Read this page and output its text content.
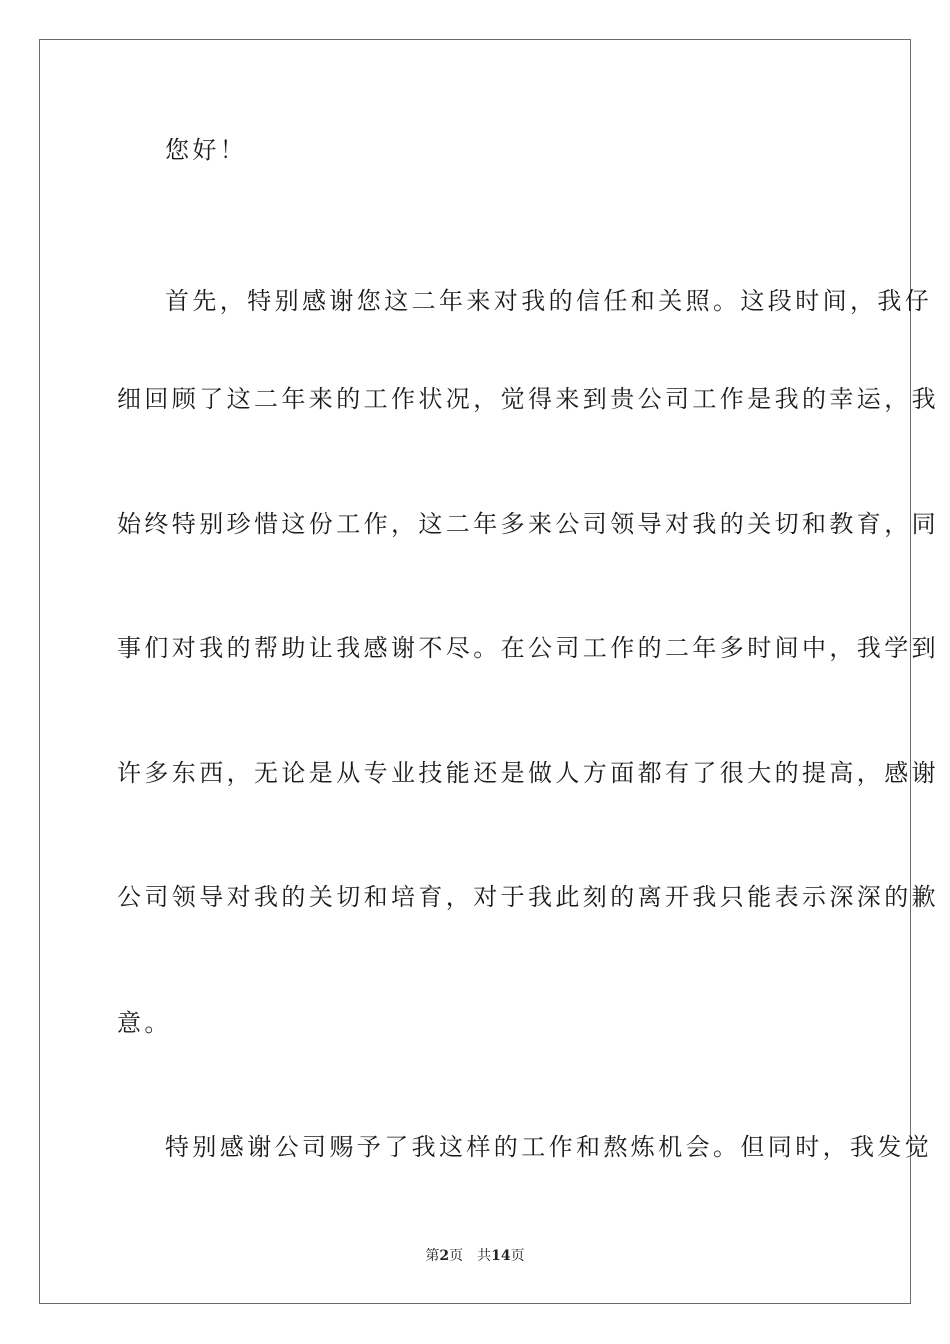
您好！
首先，特别感谢您这二年来对我的信任和关照。这段时间，我仔
细回顾了这二年来的工作状况，觉得来到贵公司工作是我的幸运，我
始终特别珍惜这份工作，这二年多来公司领导对我的关切和教育，同
事们对我的帮助让我感谢不尽。在公司工作的二年多时间中，我学到
许多东西，无论是从专业技能还是做人方面都有了很大的提高，感谢
公司领导对我的关切和培育，对于我此刻的离开我只能表示深深的歉
意。
特别感谢公司赐予了我这样的工作和熬炼机会。但同时，我发觉
第2页 共14页
